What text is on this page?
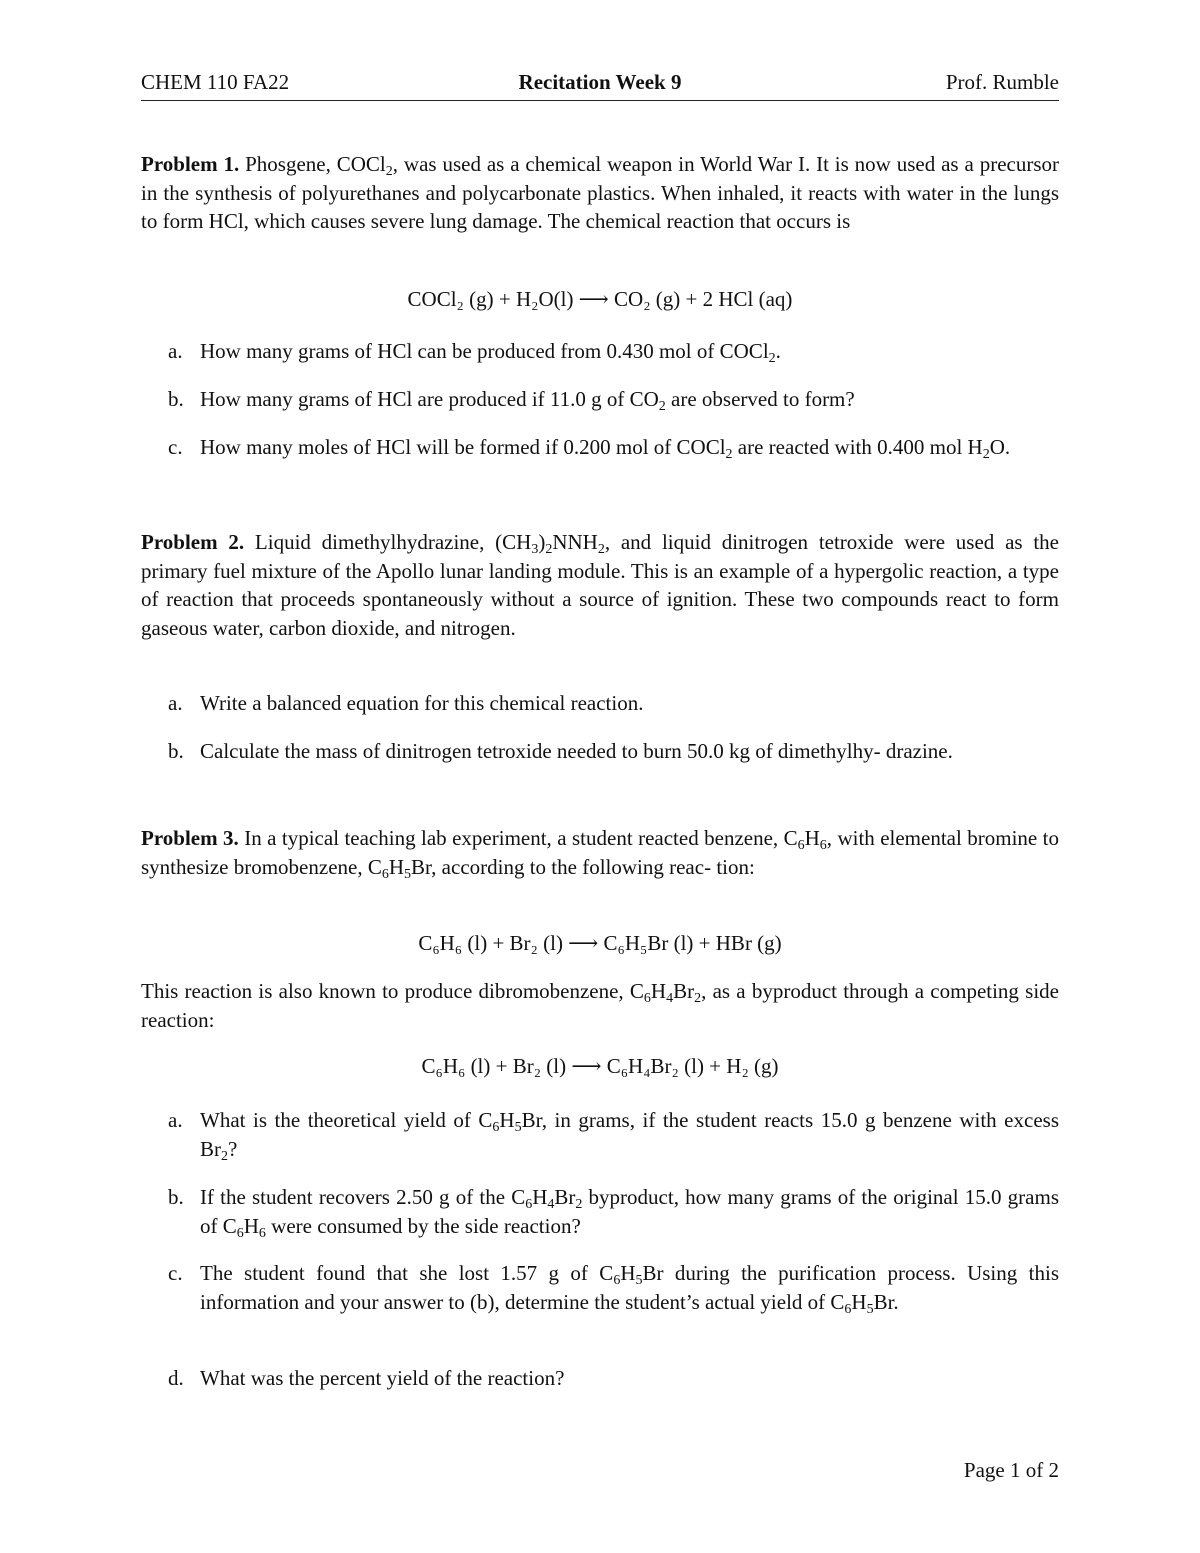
CHEM 110 FA22	Recitation Week 9	Prof. Rumble
Problem 1. Phosgene, COCl$_2$, was used as a chemical weapon in World War I. It is now used as a precursor in the synthesis of polyurethanes and polycarbonate plastics. When inhaled, it reacts with water in the lungs to form HCl, which causes severe lung damage. The chemical reaction that occurs is
COCl₂ (g) + H₂O(l) ⟶ CO₂ (g) + 2 HCl (aq)
a. How many grams of HCl can be produced from 0.430 mol of COCl$_2$.
b. How many grams of HCl are produced if 11.0 g of $CO_2$ are observed to form?
c. How many moles of HCl will be formed if 0.200 mol of COCl$_2$ are reacted with 0.400 mol $H_2O$.
Problem 2. Liquid dimethylhydrazine, $(CH_3)_2NNH_2$, and liquid dinitrogen tetroxide were used as the primary fuel mixture of the Apollo lunar landing module. This is an example of a hypergolic reaction, a type of reaction that proceeds spontaneously without a source of ignition. These two compounds react to form gaseous water, carbon dioxide, and nitrogen.
a. Write a balanced equation for this chemical reaction.
b. Calculate the mass of dinitrogen tetroxide needed to burn 50.0 kg of dimethylhy- drazine.
Problem 3. In a typical teaching lab experiment, a student reacted benzene, $C_6H_6$, with elemental bromine to synthesize bromobenzene, $C_6H_5Br$, according to the following reac- tion:
C₆H₆ (l) + Br₂ (l) ⟶ C₆H₅Br (l) + HBr (g)
This reaction is also known to produce dibromobenzene, $C_6H_4Br_2$, as a byproduct through a competing side reaction:
C₆H₆ (l) + Br₂ (l) ⟶ C₆H₄Br₂ (l) + H₂ (g)
a. What is the theoretical yield of $C_6H_5Br$, in grams, if the student reacts 15.0 g benzene with excess $Br_2$?
b. If the student recovers 2.50 g of the $C_6H_4Br_2$ byproduct, how many grams of the original 15.0 grams of $C_6H_6$ were consumed by the side reaction?
c. The student found that she lost 1.57 g of $C_6H_5Br$ during the purification process. Using this information and your answer to (b), determine the student’s actual yield of $C_6H_5Br$.
d. What was the percent yield of the reaction?
Page 1 of 2
